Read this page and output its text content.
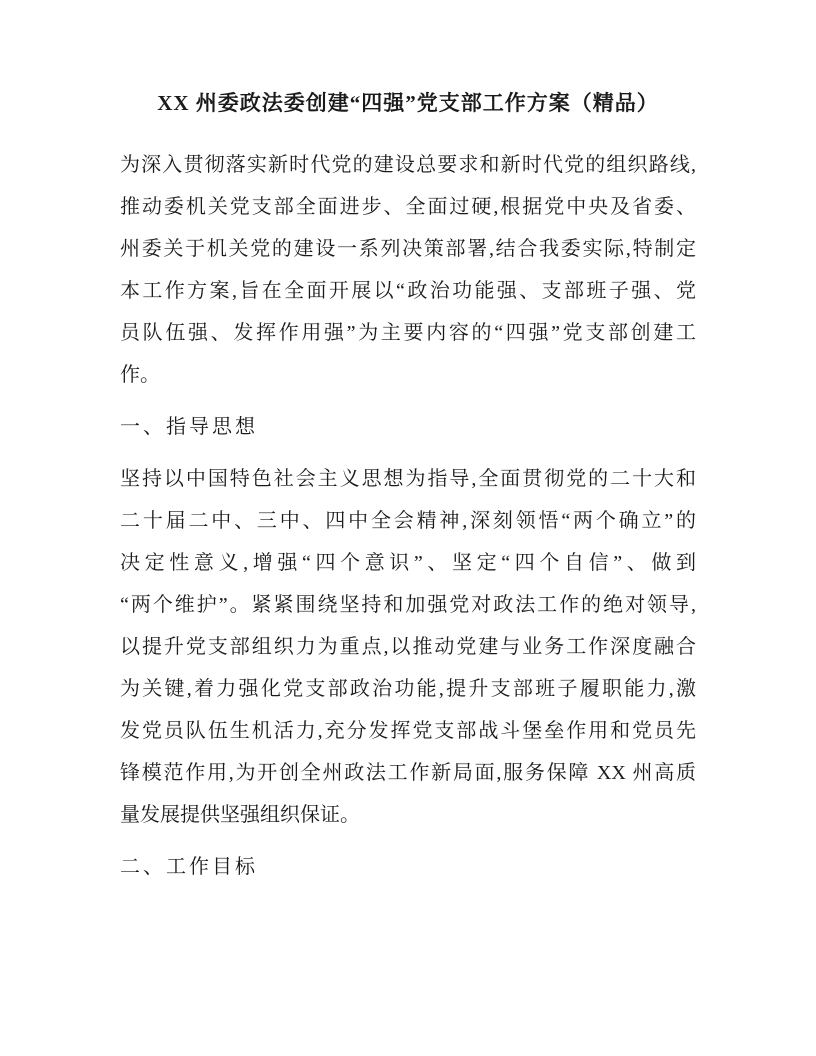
XX 州委政法委创建“四强”党支部工作方案（精品）
为深入贯彻落实新时代党的建设总要求和新时代党的组织路线,
推动委机关党支部全面进步、全面过硬,根据党中央及省委、
州委关于机关党的建设一系列决策部署,结合我委实际,特制定
本工作方案,旨在全面开展以“政治功能强、支部班子强、党
员队伍强、发挥作用强”为主要内容的“四强”党支部创建工
作。
一、指导思想
坚持以中国特色社会主义思想为指导,全面贯彻党的二十大和
二十届二中、三中、四中全会精神,深刻领悟“两个确立”的
决定性意义,增强“四个意识”、坚定“四个自信”、做到
“两个维护”。紧紧围绕坚持和加强党对政法工作的绝对领导,
以提升党支部组织力为重点,以推动党建与业务工作深度融合
为关键,着力强化党支部政治功能,提升支部班子履职能力,激
发党员队伍生机活力,充分发挥党支部战斗堡垒作用和党员先
锋模范作用,为开创全州政法工作新局面,服务保障 XX 州高质
量发展提供坚强组织保证。
二、工作目标
